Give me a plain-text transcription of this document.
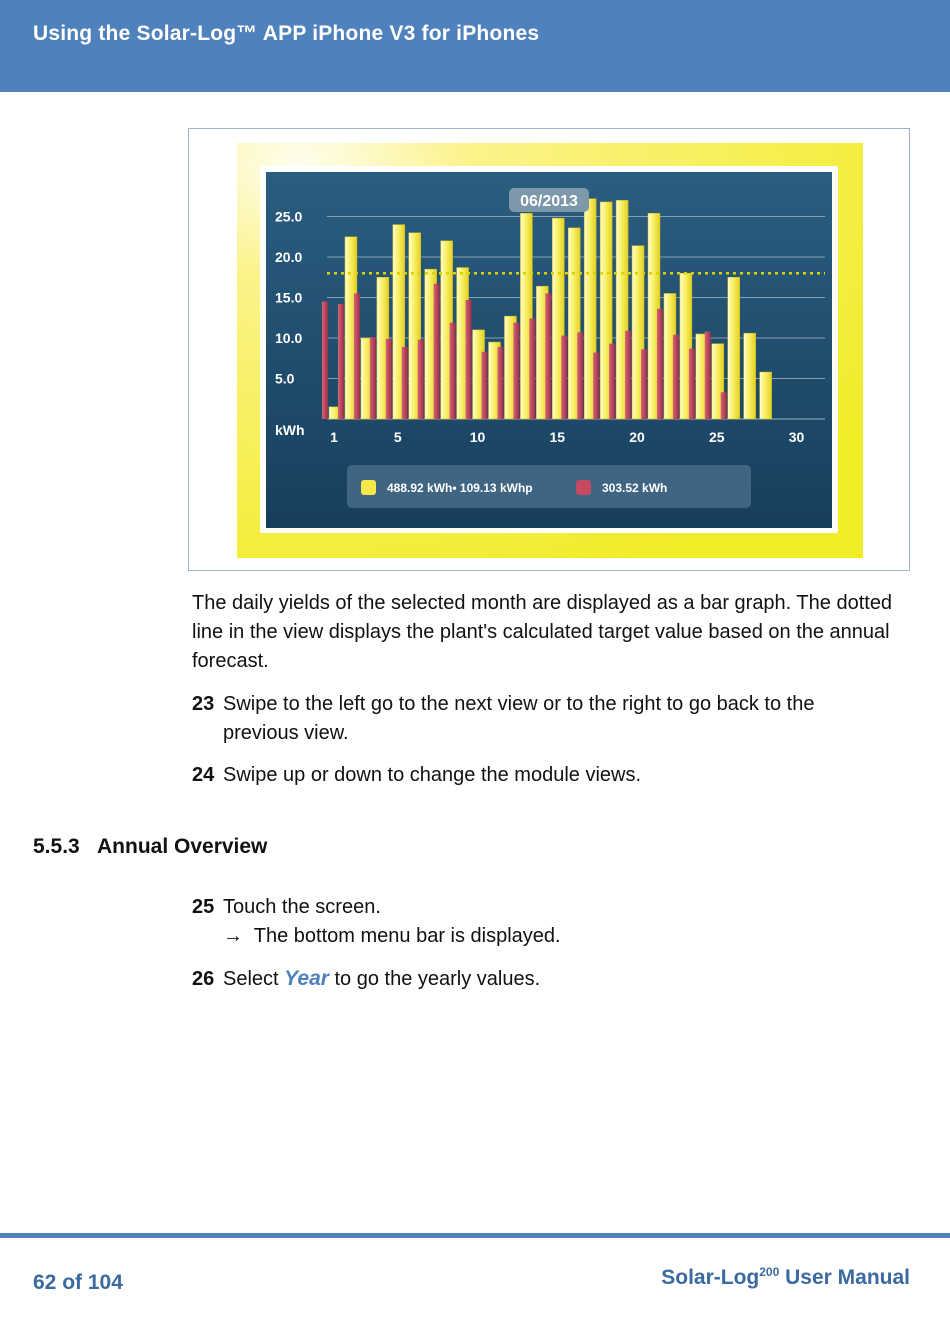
Using the Solar-Log™ APP iPhone V3 for iPhones
25.0
20.0
15.0
10.0
5.0
1	5	10	15	20	25	30
06/2013
488.92 kWh• 109.13 kWhp	303.52 kWh
kWh
The daily yields of the selected month are displayed as a bar graph. The dotted line in the view displays the plant's calculated target value based on the annual forecast.
23 Swipe to the left go to the next view or to the right to go back to the
previous view.
24 Swipe up or down to change the module views.
5.5.3 Annual Overview
25 Touch the screen.
→ The bottom menu bar is displayed.
26 Select Year to go the yearly values.
62 of 104	Solar-Log$^{200}$ User Manual
